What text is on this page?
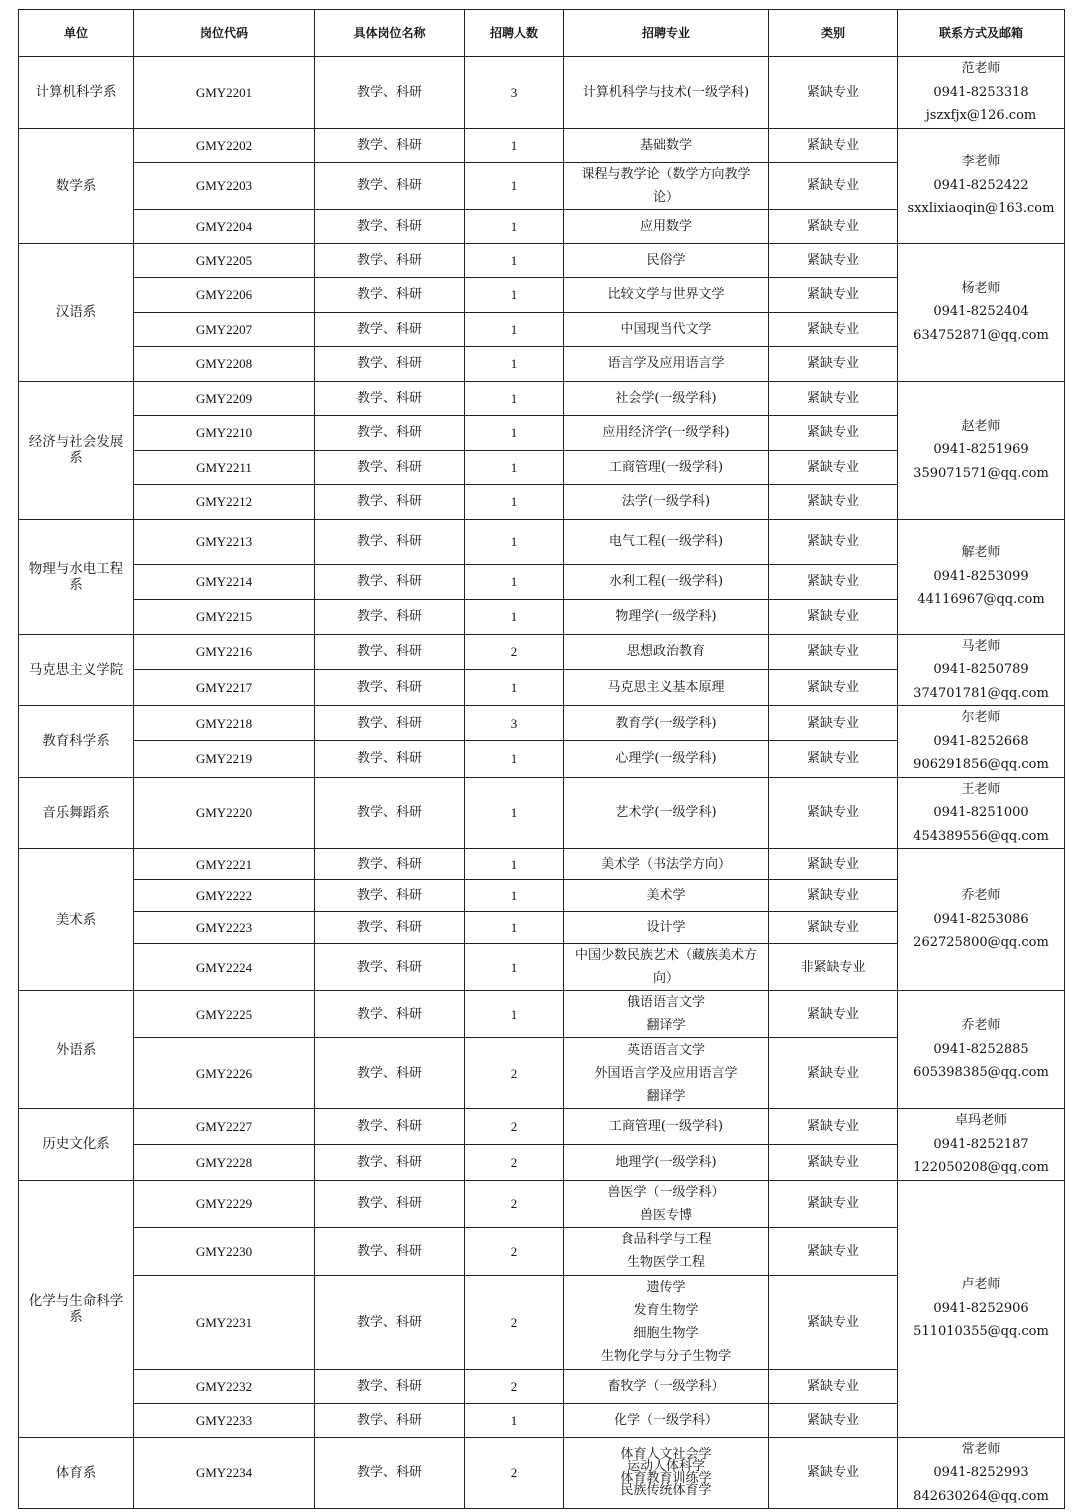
单位	岗位代码	具体岗位名称	招聘人数	招聘专业	类别	联系方式及邮箱

计算机科学系	GMY2201	教学、科研	3	计算机科学与技术(一级学科)	紧缺专业	范老师
0941-8253318
jszxfjx@126.com

数学系	GMY2202	教学、科研	1	基础数学	紧缺专业	李老师
0941-8252422
sxxlixiaoqin@163.com

	GMY2203	教学、科研	1	课程与教学论（数学方向教学
论）	紧缺专业	
	GMY2204	教学、科研	1	应用数学	紧缺专业	

汉语系	GMY2205	教学、科研	1	民俗学	紧缺专业	杨老师
0941-8252404
634752871@qq.com

	GMY2206	教学、科研	1	比较文学与世界文学	紧缺专业	
	GMY2207	教学、科研	1	中国现当代文学	紧缺专业	
	GMY2208	教学、科研	1	语言学及应用语言学	紧缺专业	

经济与社会发展
系	GMY2209	教学、科研	1	社会学(一级学科)	紧缺专业	赵老师
0941-8251969
359071571@qq.com

	GMY2210	教学、科研	1	应用经济学(一级学科)	紧缺专业	
	GMY2211	教学、科研	1	工商管理(一级学科)	紧缺专业	
	GMY2212	教学、科研	1	法学(一级学科)	紧缺专业	

物理与水电工程
系	GMY2213	教学、科研	1	电气工程(一级学科)	紧缺专业	解老师
0941-8253099
44116967@qq.com

	GMY2214	教学、科研	1	水利工程(一级学科)	紧缺专业	
	GMY2215	教学、科研	1	物理学(一级学科)	紧缺专业	

马克思主义学院	GMY2216	教学、科研	2	思想政治教育	紧缺专业	马老师
0941-8250789
374701781@qq.com

	GMY2217	教学、科研	1	马克思主义基本原理	紧缺专业	

教育科学系	GMY2218	教学、科研	3	教育学(一级学科)	紧缺专业	尔老师
0941-8252668
906291856@qq.com

	GMY2219	教学、科研	1	心理学(一级学科)	紧缺专业	

音乐舞蹈系	GMY2220	教学、科研	1	艺术学(一级学科)	紧缺专业	王老师
0941-8251000
454389556@qq.com

美术系	GMY2221	教学、科研	1	美术学（书法学方向）	紧缺专业	乔老师
0941-8253086
262725800@qq.com

	GMY2222	教学、科研	1	美术学	紧缺专业	
	GMY2223	教学、科研	1	设计学	紧缺专业	
	GMY2224	教学、科研	1	中国少数民族艺术（藏族美术方
向）	非紧缺专业	

外语系	GMY2225	教学、科研	1	俄语语言文学
翻译学	紧缺专业	乔老师
0941-8252885
605398385@qq.com

	GMY2226	教学、科研	2	英语语言文学
外国语言学及应用语言学
翻译学	紧缺专业	

历史文化系	GMY2227	教学、科研	2	工商管理(一级学科)	紧缺专业	卓玛老师
0941-8252187
122050208@qq.com

	GMY2228	教学、科研	2	地理学(一级学科)	紧缺专业	

化学与生命科学
系	GMY2229	教学、科研	2	兽医学（一级学科）
兽医专博	紧缺专业	卢老师
0941-8252906
511010355@qq.com

	GMY2230	教学、科研	2	食品科学与工程
生物医学工程	紧缺专业	
	GMY2231	教学、科研	2	遗传学
发育生物学
细胞生物学
生物化学与分子生物学	紧缺专业	
	GMY2232	教学、科研	2	畜牧学（一级学科）	紧缺专业	
	GMY2233	教学、科研	1	化学（一级学科）	紧缺专业	

体育系	GMY2234	教学、科研	2	体育人文社会学
运动人体科学
体育教育训练学
民族传统体育学	紧缺专业	常老师
0941-8252993
842630264@qq.com
